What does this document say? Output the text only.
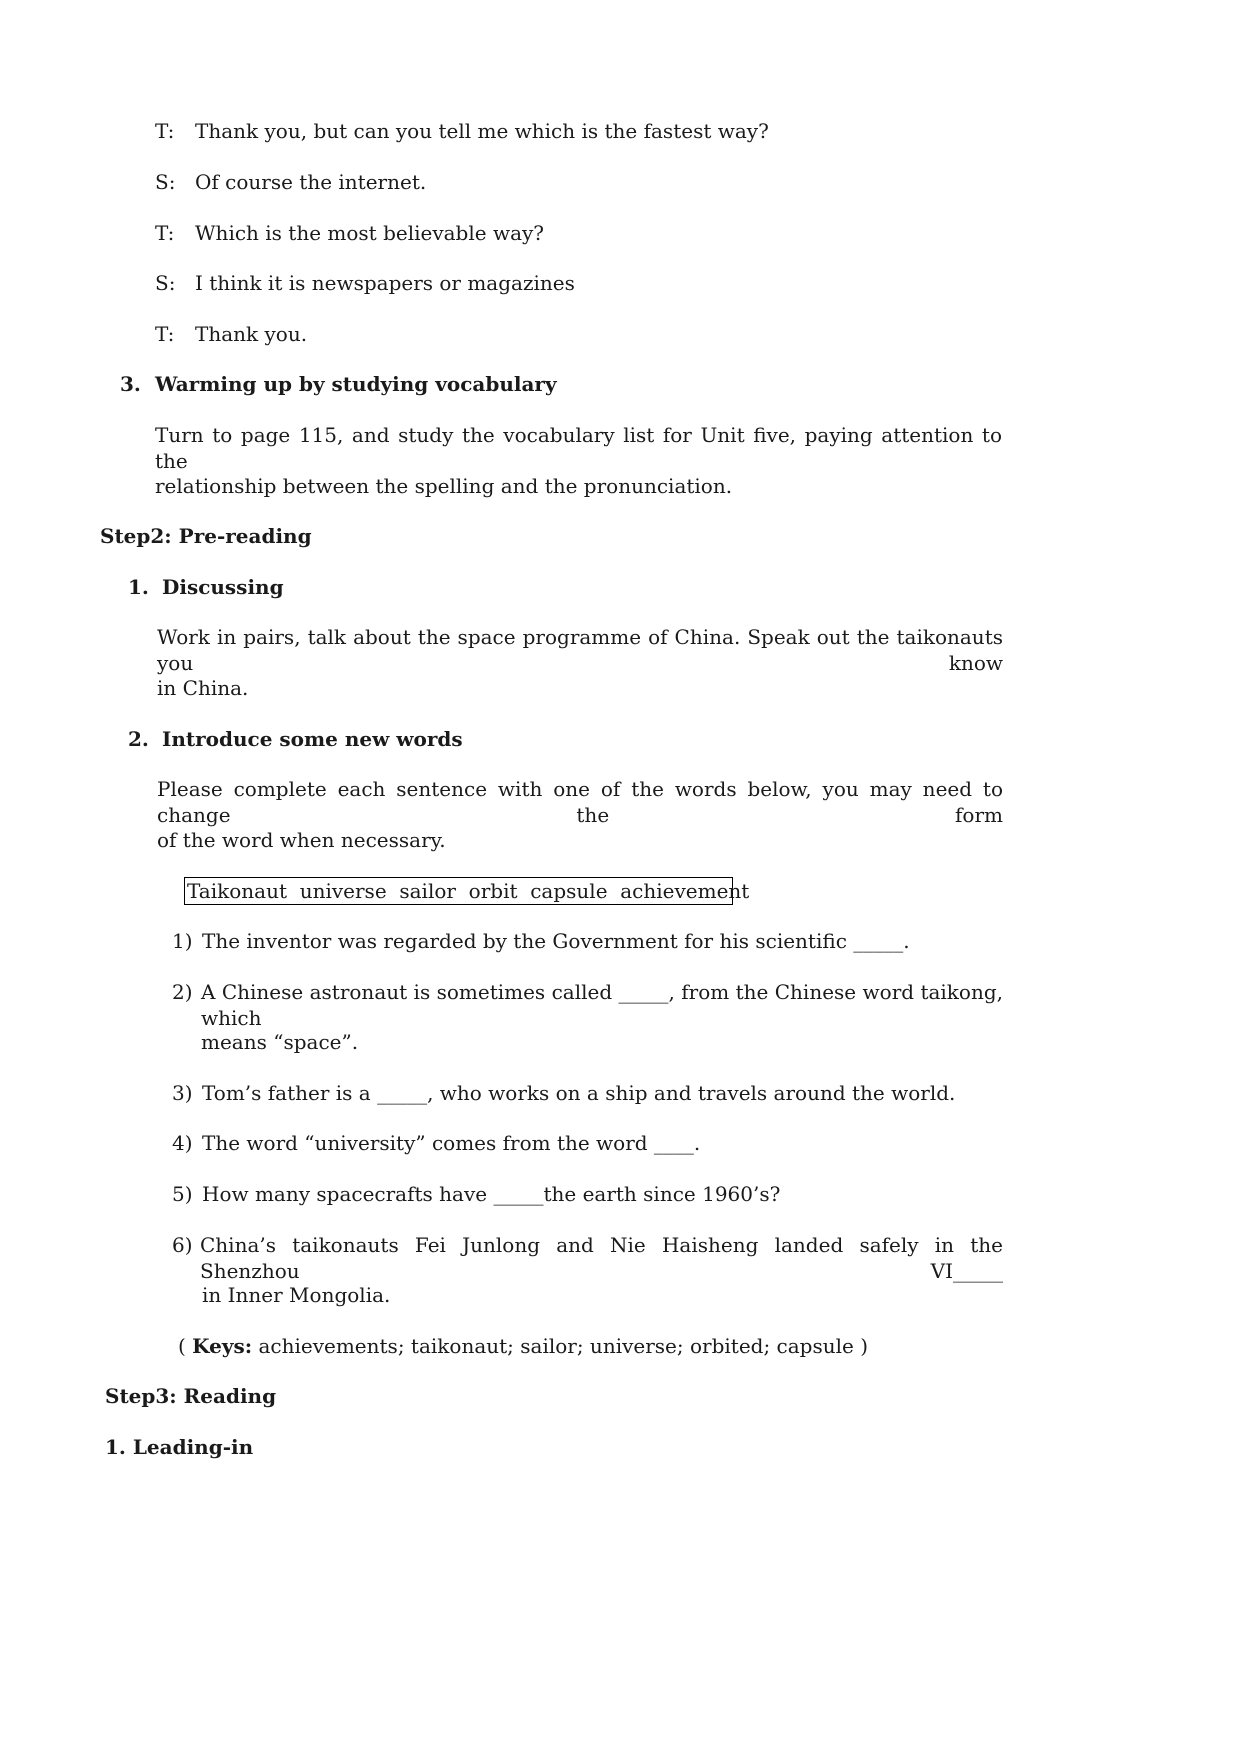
T: Thank you, but can you tell me which is the fastest way?
S: Of course the internet.
T: Which is the most believable way?
S: I think it is newspapers or magazines
T: Thank you.
3. Warming up by studying vocabulary
Turn to page 115, and study the vocabulary list for Unit five, paying attention to the
relationship between the spelling and the pronunciation.
Step2: Pre-reading
1. Discussing
Work in pairs, talk about the space programme of China. Speak out the taikonauts you know
in China.
2. Introduce some new words
Please complete each sentence with one of the words below, you may need to change the form
of the word when necessary.
Taikonaut  universe  sailor  orbit  capsule  achievement
1) The inventor was regarded by the Government for his scientific _____.
2) A Chinese astronaut is sometimes called _____, from the Chinese word taikong, which
means “space”.
3) Tom’s father is a _____, who works on a ship and travels around the world.
4) The word “university” comes from the word ____.
5) How many spacecrafts have _____the earth since 1960’s?
6) China’s taikonauts Fei Junlong and Nie Haisheng landed safely in the Shenzhou VI_____
in Inner Mongolia.
( Keys: achievements; taikonaut; sailor; universe; orbited; capsule )
Step3: Reading
1. Leading-in
